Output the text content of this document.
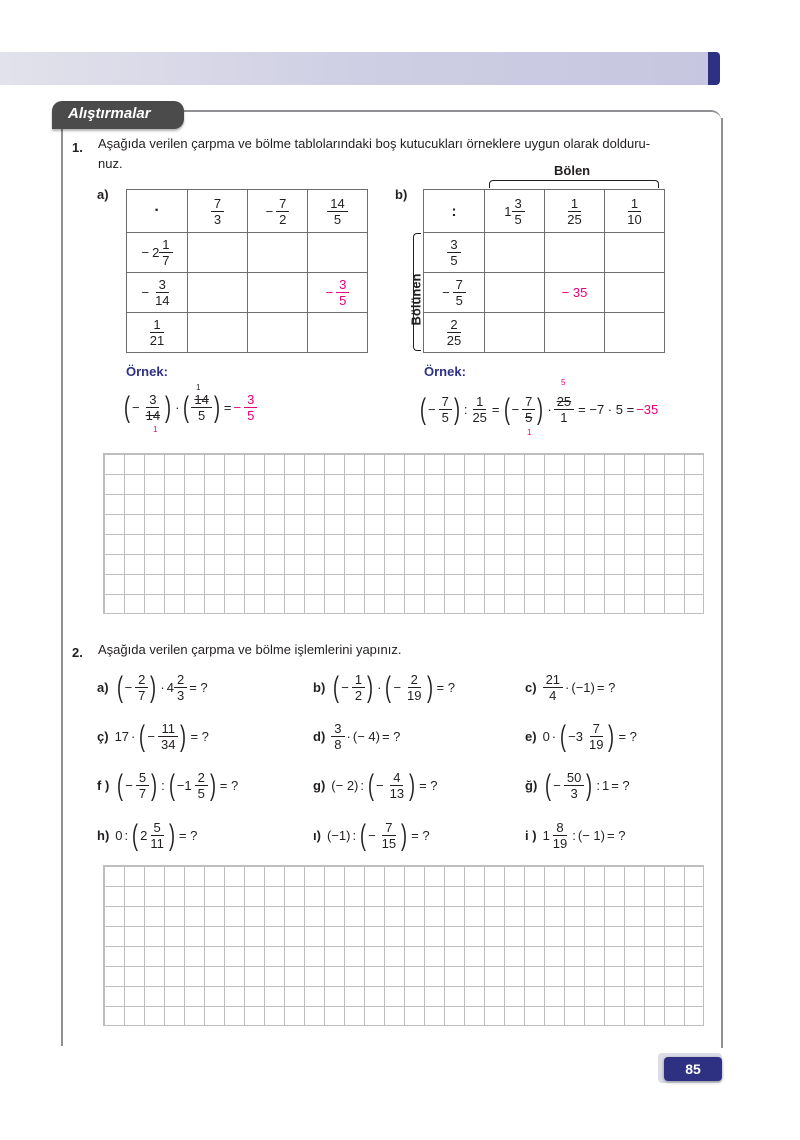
Alıştırmalar
1. Aşağıda verilen çarpma ve bölme tablolarındaki boş kutucukları örneklere uygun olarak dolduru-
nuz.
a)
·	$\frac{7}{3}$	− $\frac{7}{2}$	$\frac{14}{5}$

− $2 \frac{1}{7}$

− $\frac{3}{14}$			− $\frac{3}{5}$

$\frac{1}{21}$

Örnek:
( − $\frac{3}{14}$ ) · ( $\frac{14}{5}$ ) = − $\frac{3}{5}$
1
1
b)
Bölen
Bölünen
:	$1 \frac{3}{5}$	$\frac{1}{25}$	$\frac{1}{10}$

$\frac{3}{5}$

− $\frac{7}{5}$		− 35	

$\frac{2}{25}$

Örnek:
( − $\frac{7}{5}$ ) : $\frac{1}{25}$ = ( − $\frac{7}{5}$ ) · $\frac{25}{1} = -7 \cdot 5 = -35$
5
1
2. Aşağıda verilen çarpma ve bölme işlemlerini yapınız.
a) ( − $\frac{2}{7}$ ) · $4 \frac{2}{3}$ = ?	b) ( − $\frac{1}{2}$ ) · ( − $\frac{2}{19}$ ) = ?	$c) \frac{21}{4} \cdot (-1)$ = ?
ç) 17 · ( − $\frac{11}{34}$ ) = ?	$d) \frac{3}{8}$ · (− 4) = ?	e) 0 · ( $-3 \frac{7}{19}$ ) = ?
f ) ( − $\frac{5}{7}$ ) : ( $-1 \frac{2}{5}$ ) = ?	g) (− 2) : ( − $\frac{4}{13}$ ) = ?	ğ) ( − $\frac{50}{3}$ ) : 1 = ?
h) 0 : ( $2 \frac{5}{11}$ ) = ?	ı) (−1) : ( − $\frac{7}{15}$ ) = ?	i ) $1 \frac{8}{19}$ : (− 1) = ?
85
